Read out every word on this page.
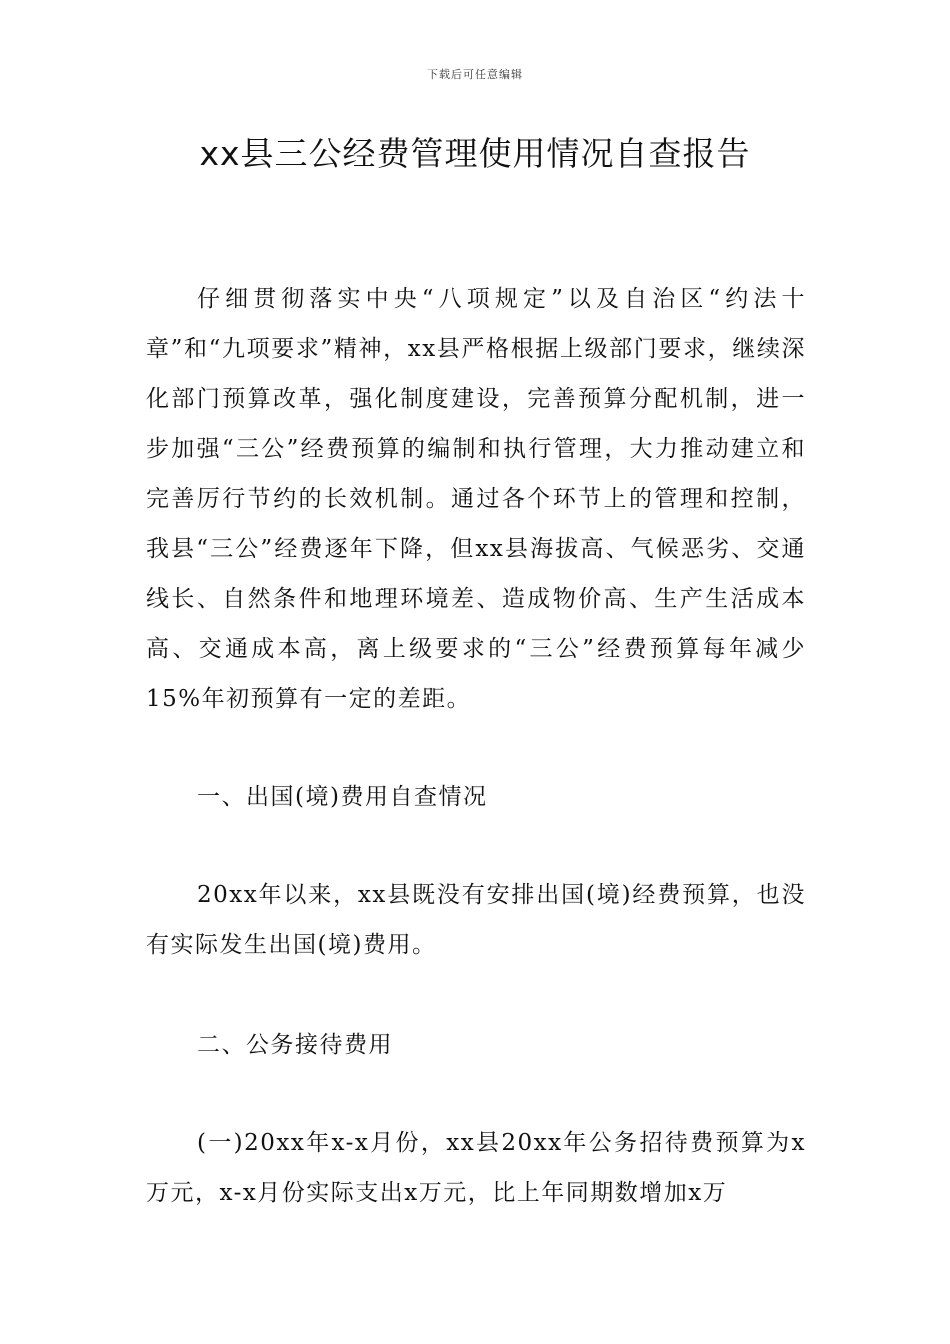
下载后可任意编辑
xx县三公经费管理使用情况自查报告

仔细贯彻落实中央“八项规定”以及自治区“约法十章”和“九项要求”精神，xx县严格根据上级部门要求，继续深化部门预算改革，强化制度建设，完善预算分配机制，进一步加强“三公”经费预算的编制和执行管理，大力推动建立和完善厉行节约的长效机制。通过各个环节上的管理和控制，我县“三公”经费逐年下降，但xx县海拔高、气候恶劣、交通线长、自然条件和地理环境差、造成物价高、生产生活成本高、交通成本高，离上级要求的“三公”经费预算每年减少15%年初预算有一定的差距。

一、出国(境)费用自查情况

20xx年以来，xx县既没有安排出国(境)经费预算，也没有实际发生出国(境)费用。

二、公务接待费用

(一)20xx年x-x月份，xx县20xx年公务招待费预算为x万元，x-x月份实际支出x万元，比上年同期数增加x万
